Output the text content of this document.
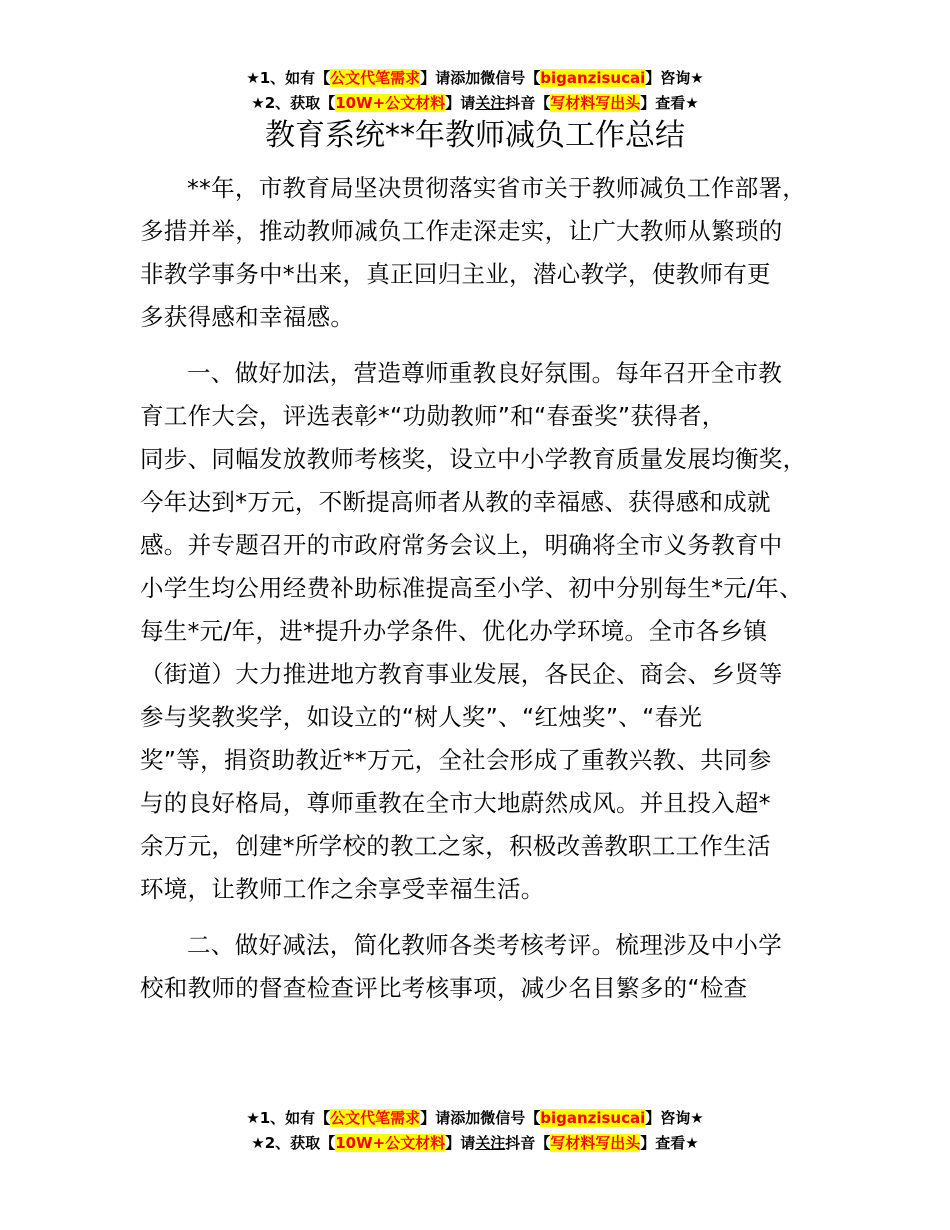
★1、如有【公文代笔需求】请添加微信号【biganzisucai】咨询★
★2、获取【10W+公文材料】请关注抖音【写材料写出头】查看★
教育系统**年教师减负工作总结
**年，市教育局坚决贯彻落实省市关于教师减负工作部署，
多措并举，推动教师减负工作走深走实，让广大教师从繁琐的
非教学事务中*出来，真正回归主业，潜心教学，使教师有更
多获得感和幸福感。
一、做好加法，营造尊师重教良好氛围。每年召开全市教
育工作大会，评选表彰*“功勋教师”和“春蚕奖”获得者，
同步、同幅发放教师考核奖，设立中小学教育质量发展均衡奖，
今年达到*万元，不断提高师者从教的幸福感、获得感和成就
感。并专题召开的市政府常务会议上，明确将全市义务教育中
小学生均公用经费补助标准提高至小学、初中分别每生*元/年、
每生*元/年，进*提升办学条件、优化办学环境。全市各乡镇
（街道）大力推进地方教育事业发展，各民企、商会、乡贤等
参与奖教奖学，如设立的“树人奖”、“红烛奖”、“春光
奖”等，捐资助教近**万元，全社会形成了重教兴教、共同参
与的良好格局，尊师重教在全市大地蔚然成风。并且投入超*
余万元，创建*所学校的教工之家，积极改善教职工工作生活
环境，让教师工作之余享受幸福生活。
二、做好减法，简化教师各类考核考评。梳理涉及中小学
校和教师的督查检查评比考核事项，减少名目繁多的“检查
★1、如有【公文代笔需求】请添加微信号【biganzisucai】咨询★
★2、获取【10W+公文材料】请关注抖音【写材料写出头】查看★
